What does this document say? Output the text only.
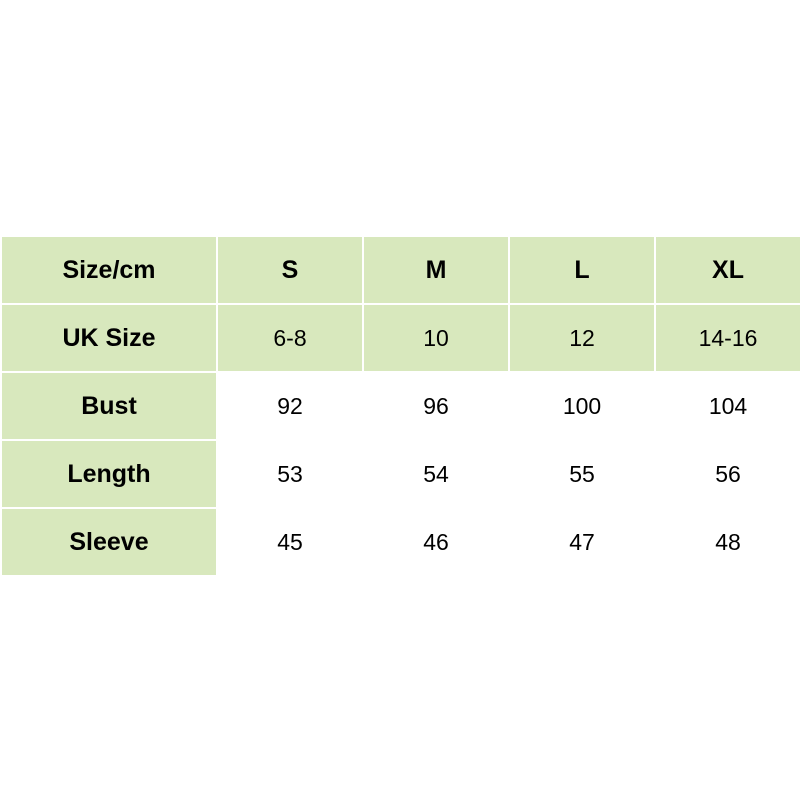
Size/cm	S	M	L	XL
UK Size	6-8	10	12	14-16
Bust	92	96	100	104
Length	53	54	55	56
Sleeve	45	46	47	48
